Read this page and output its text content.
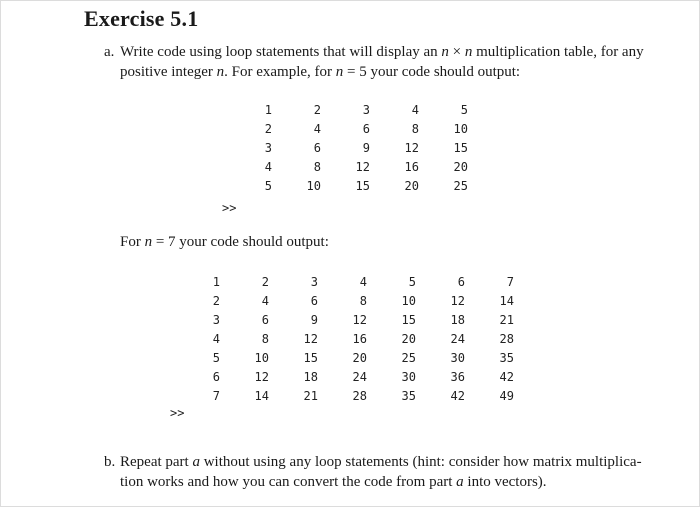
Exercise 5.1
a. Write code using loop statements that will display an n × n multiplication table, for any
positive integer n. For example, for n = 5 your code should output:
1	2	3	4	5
2	4	6	8	10
3	6	9	12	15
4	8	12	16	20
5	10	15	20	25
>>
For n = 7 your code should output:
1	2	3	4	5	6	7
2	4	6	8	10	12	14
3	6	9	12	15	18	21
4	8	12	16	20	24	28
5	10	15	20	25	30	35
6	12	18	24	30	36	42
7	14	21	28	35	42	49
>>
b. Repeat part a without using any loop statements (hint: consider how matrix multiplica-
tion works and how you can convert the code from part a into vectors).
